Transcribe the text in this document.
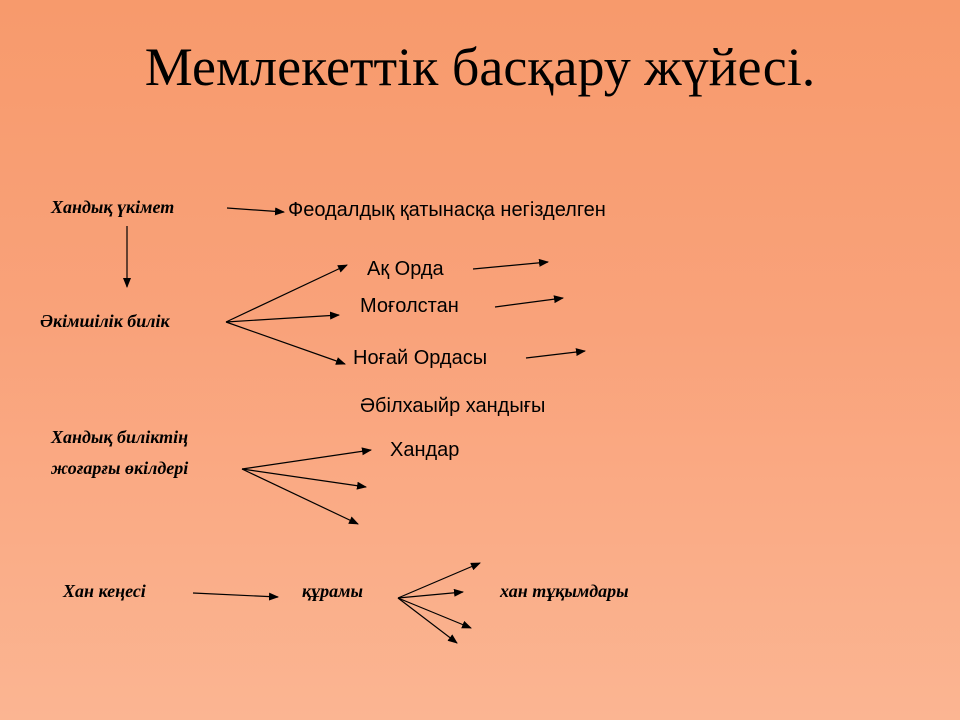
Мемлекеттік басқару жүйесі.
Хандық үкімет	Феодалдық қатынасқа негізделген
Әкімшілік билік
Ақ Орда
Моғолстан
Ноғай Ордасы
Әбілхаыйр хандығы
Хандық биліктің
жоғарғы өкілдері
Хандар
Хан кеңесі	құрамы	хан тұқымдары
